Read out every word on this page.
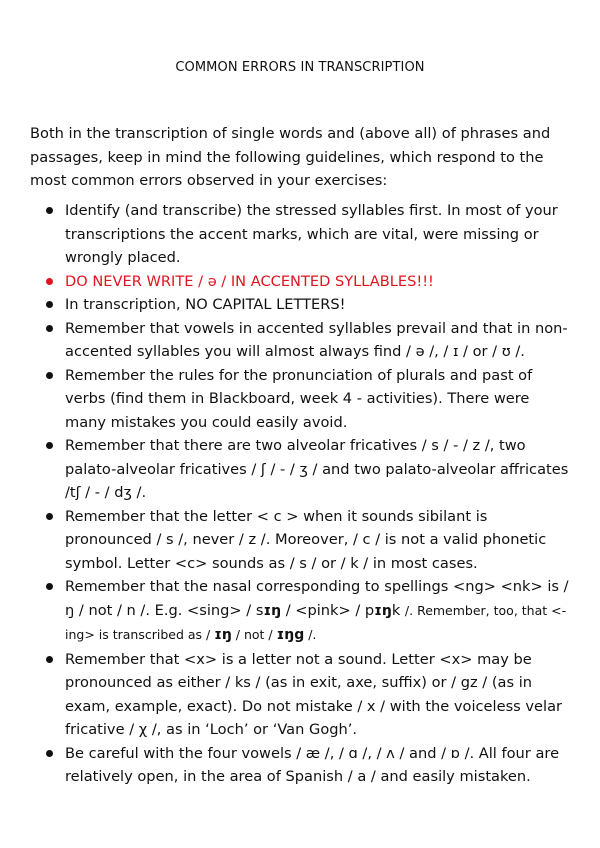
COMMON ERRORS IN TRANSCRIPTION
Both in the transcription of single words and (above all) of phrases and passages, keep in mind the following guidelines, which respond to the most common errors observed in your exercises:
Identify (and transcribe) the stressed syllables first. In most of your transcriptions the accent marks, which are vital, were missing or wrongly placed.
DO NEVER WRITE / ə / IN ACCENTED SYLLABLES!!!
In transcription, NO CAPITAL LETTERS!
Remember that vowels in accented syllables prevail and that in non-accented syllables you will almost always find / ə /, / ɪ / or / ʊ /.
Remember the rules for the pronunciation of plurals and past of verbs (find them in Blackboard, week 4 - activities). There were many mistakes you could easily avoid.
Remember that there are two alveolar fricatives / s / - / z /, two palato-alveolar fricatives / ʃ / - / ʒ / and two palato-alveolar affricates /tʃ / - / dʒ /.
Remember that the letter < c > when it sounds sibilant is pronounced / s /, never / z /. Moreover, / c / is not a valid phonetic symbol. Letter <c> sounds as / s / or / k / in most cases.
Remember that the nasal corresponding to spellings <ng> <nk> is / ŋ / not / n /. E.g. <sing> / sɪŋ / <pink> / pɪŋk /. Remember, too, that <-ing> is transcribed as / ɪŋ / not / ɪŋg /.
Remember that <x> is a letter not a sound. Letter <x> may be pronounced as either / ks / (as in exit, axe, suffix) or / gz / (as in exam, example, exact). Do not mistake / x / with the voiceless velar fricative / χ /, as in ‘Loch’ or ‘Van Gogh’.
Be careful with the four vowels / æ /, / ɑ /, / ʌ / and / ɒ /. All four are relatively open, in the area of Spanish / a / and easily mistaken.
